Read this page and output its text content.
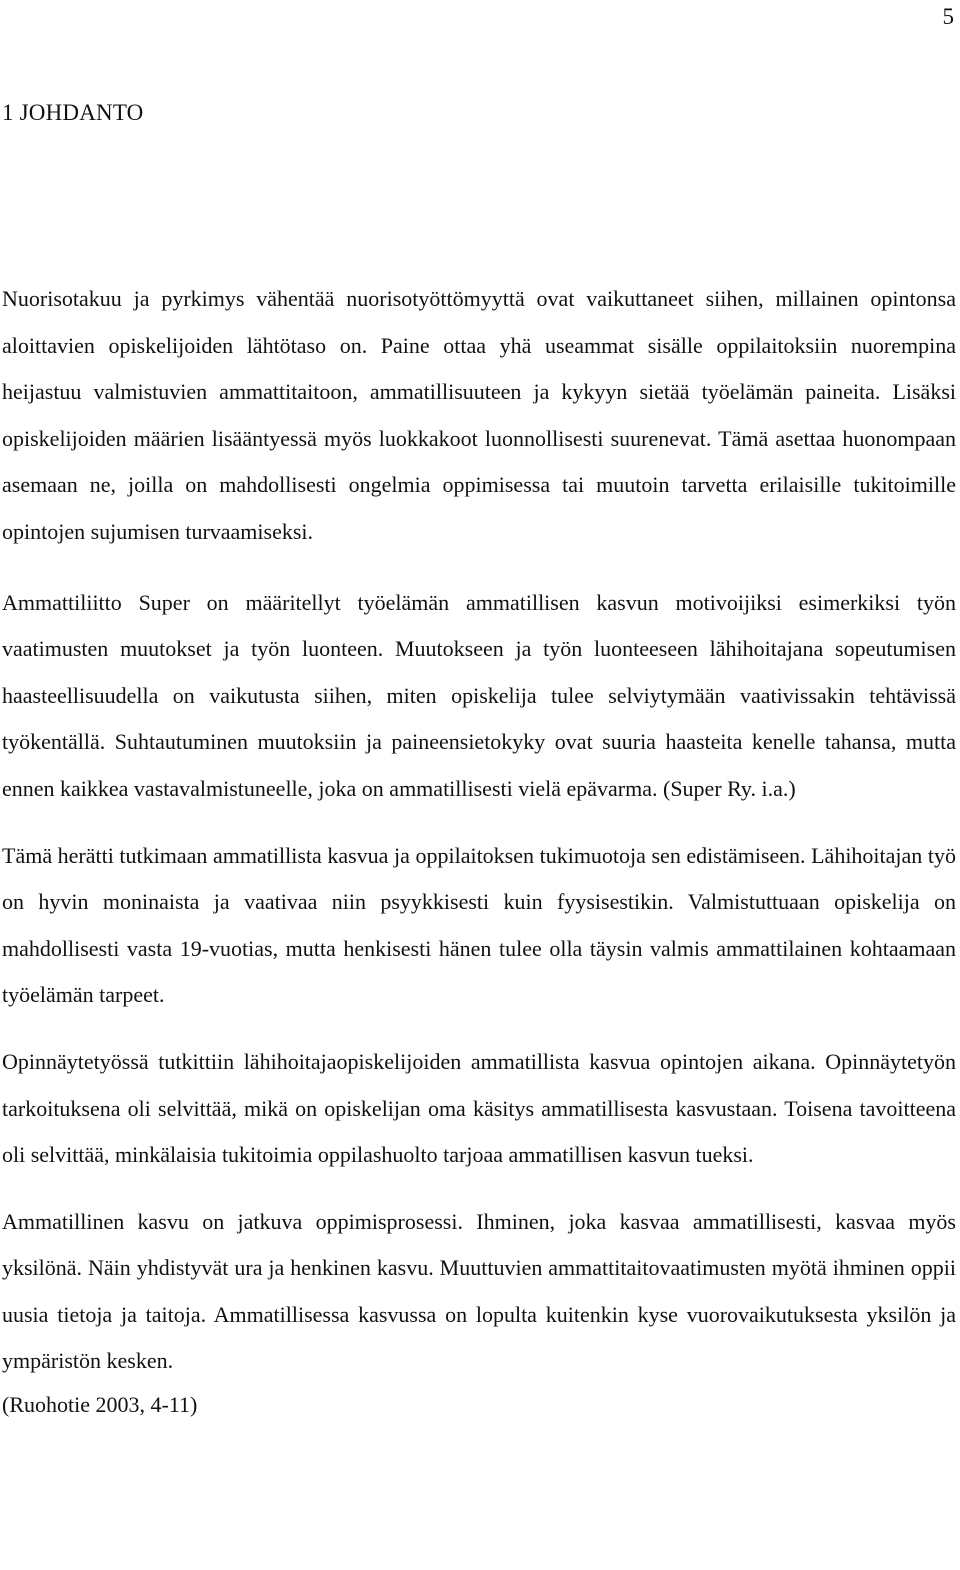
5
1 JOHDANTO

Nuorisotakuu ja pyrkimys vähentää nuorisotyöttömyyttä ovat vaikuttaneet siihen, millainen opintonsa aloittavien opiskelijoiden lähtötaso on. Paine ottaa yhä useammat sisälle oppilaitoksiin nuorempina heijastuu valmistuvien ammattitaitoon, ammatillisuuteen ja kykyyn sietää työelämän paineita. Lisäksi opiskelijoiden määrien lisääntyessä myös luokkakoot luonnollisesti suurenevat. Tämä asettaa huonompaan asemaan ne, joilla on mahdollisesti ongelmia oppimisessa tai muutoin tarvetta erilaisille tukitoimille opintojen sujumisen turvaamiseksi.

Ammattiliitto Super on määritellyt työelämän ammatillisen kasvun motivoijiksi esimerkiksi työn vaatimusten muutokset ja työn luonteen. Muutokseen ja työn luonteeseen lähihoitajana sopeutumisen haasteellisuudella on vaikutusta siihen, miten opiskelija tulee selviytymään vaativissakin tehtävissä työkentällä. Suhtautuminen muutoksiin ja paineensietokyky ovat suuria haasteita kenelle tahansa, mutta ennen kaikkea vastavalmistuneelle, joka on ammatillisesti vielä epävarma. (Super Ry. i.a.)

Tämä herätti tutkimaan ammatillista kasvua ja oppilaitoksen tukimuotoja sen edistämiseen. Lähihoitajan työ on hyvin moninaista ja vaativaa niin psyykkisesti kuin fyysisestikin. Valmistuttuaan opiskelija on mahdollisesti vasta 19-vuotias, mutta henkisesti hänen tulee olla täysin valmis ammattilainen kohtaamaan työelämän tarpeet.

Opinnäytetyössä tutkittiin lähihoitajaopiskelijoiden ammatillista kasvua opintojen aikana. Opinnäytetyön tarkoituksena oli selvittää, mikä on opiskelijan oma käsitys ammatillisesta kasvustaan. Toisena tavoitteena oli selvittää, minkälaisia tukitoimia oppilashuolto tarjoaa ammatillisen kasvun tueksi.

Ammatillinen kasvu on jatkuva oppimisprosessi. Ihminen, joka kasvaa ammatillisesti, kasvaa myös yksilönä. Näin yhdistyvät ura ja henkinen kasvu. Muuttuvien ammattitaitovaatimusten myötä ihminen oppii uusia tietoja ja taitoja. Ammatillisessa kasvussa on lopulta kuitenkin kyse vuorovaikutuksesta yksilön ja ympäristön kesken.

(Ruohotie 2003, 4-11)
